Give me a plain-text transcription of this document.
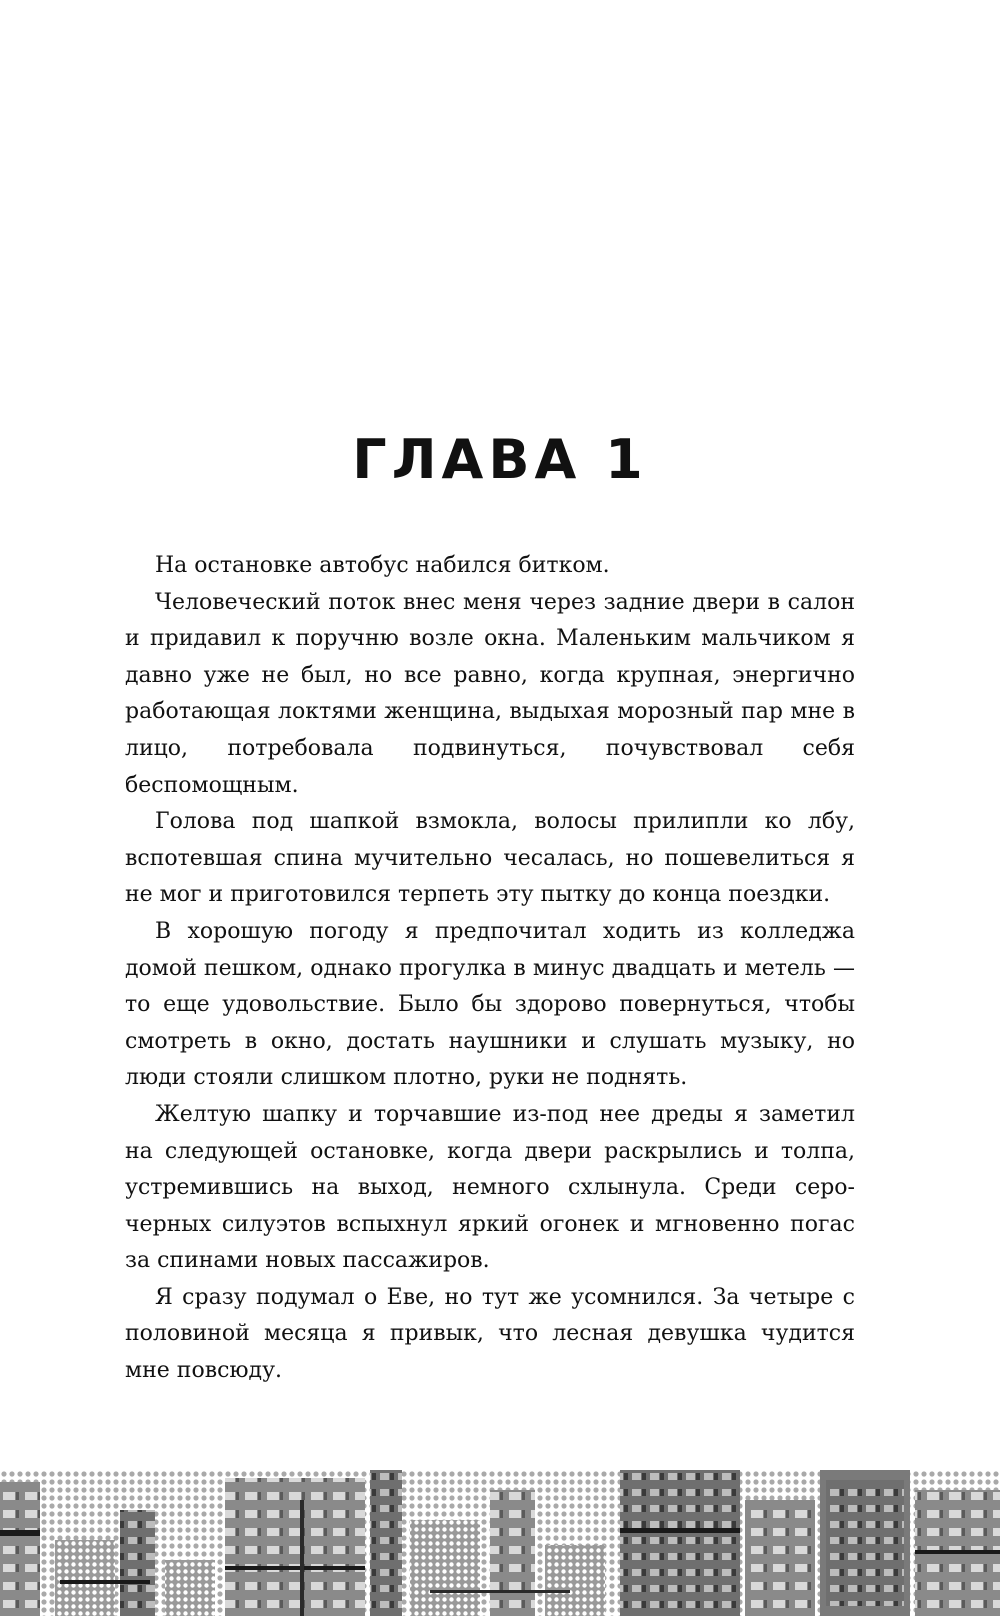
ГЛАВА 1

На остановке автобус набился битком.

Человеческий поток внес меня через задние двери в салон и придавил к поручню возле окна. Маленьким мальчиком я давно уже не был, но все равно, когда крупная, энергично работающая локтями женщина, выдыхая морозный пар мне в лицо, потребовала подвинуться, почувствовал себя беспомощным.

Голова под шапкой взмокла, волосы прилипли ко лбу, вспотевшая спина мучительно чесалась, но пошевелиться я не мог и приготовился терпеть эту пытку до конца поездки.

В хорошую погоду я предпочитал ходить из колледжа домой пешком, однако прогулка в минус двадцать и метель — то еще удовольствие. Было бы здорово повернуться, чтобы смотреть в окно, достать наушники и слушать музыку, но люди стояли слишком плотно, руки не поднять.

Желтую шапку и торчавшие из-под нее дреды я заметил на следующей остановке, когда двери раскрылись и толпа, устремившись на выход, немного схлынула. Среди серо-черных силуэтов вспыхнул яркий огонек и мгновенно погас за спинами новых пассажиров.

Я сразу подумал о Еве, но тут же усомнился. За четыре с половиной месяца я привык, что лесная девушка чудится мне повсюду.
